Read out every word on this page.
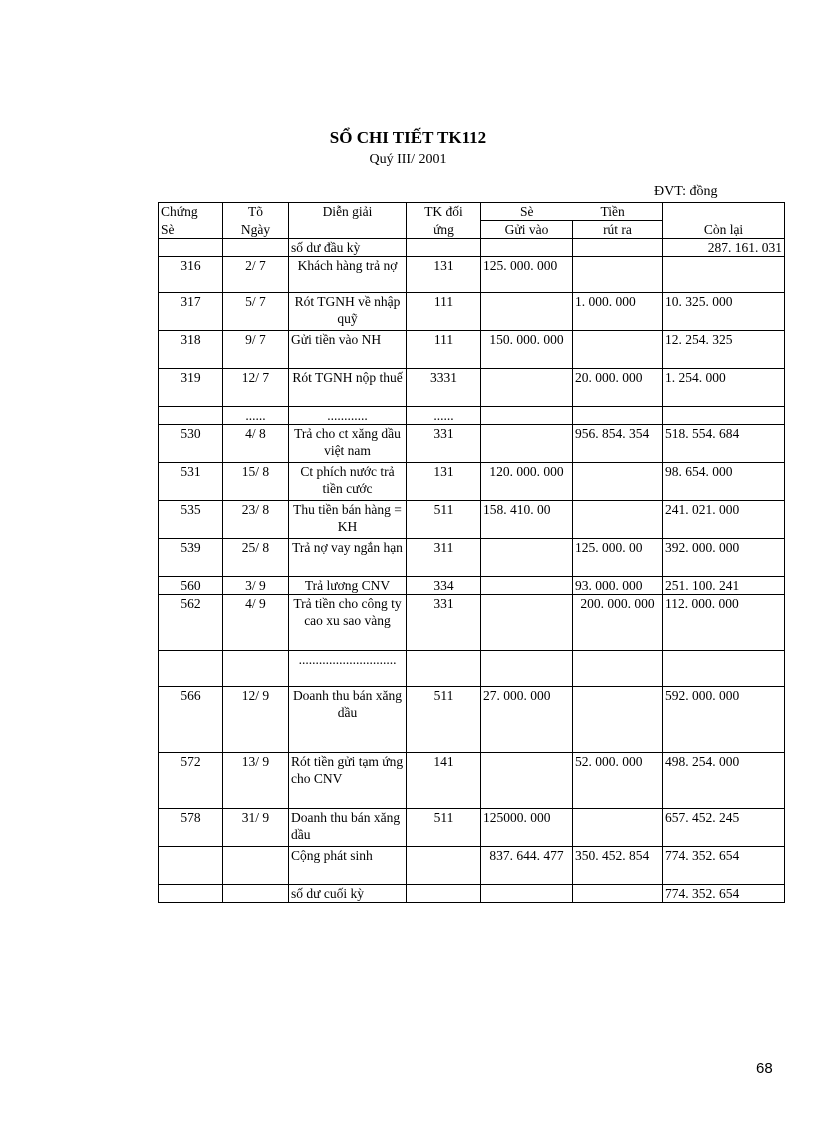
SỔ CHI TIẾT TK112
Quý III/ 2001
ĐVT: đồng
Chứng	Tõ	Diễn giải	TK đối	Sè	Tiền	Còn lại
Sè	Ngày		ứng	Gửi vào	rút ra	
		số dư đầu kỳ				287. 161. 031
316	2/ 7	Khách hàng trả nợ	131	125. 000. 000		
317	5/ 7	Rót TGNH về nhập quỹ	111		1. 000. 000	10. 325. 000
318	9/ 7	Gửi tiền vào NH	111	150. 000. 000		12. 254. 325
319	12/ 7	Rót TGNH nộp thuế	3331		20. 000. 000	1. 254. 000
	......	............	......			
530	4/ 8	Trả cho ct xăng dầu việt nam	331		956. 854. 354	518. 554. 684
531	15/ 8	Ct phích nước trả tiền cước	131	120. 000. 000		98. 654. 000
535	23/ 8	Thu tiền bán hàng = KH	511	158. 410. 00		241. 021. 000
539	25/ 8	Trả nợ vay ngắn hạn	311		125. 000. 00	392. 000. 000
560	3/ 9	Trả lương CNV	334		93. 000. 000	251. 100. 241
562	4/ 9	Trả tiền cho công ty cao xu sao vàng	331		200. 000. 000	112. 000. 000
		.............................				
566	12/ 9	Doanh thu bán xăng dầu	511	27. 000. 000		592. 000. 000
572	13/ 9	Rót tiền gửi tạm ứng cho CNV	141		52. 000. 000	498. 254. 000
578	31/ 9	Doanh thu bán xăng dầu	511	125000. 000		657. 452. 245
		Cộng phát sinh		837. 644. 477	350. 452. 854	774. 352. 654
		số dư cuối kỳ				774. 352. 654
68
